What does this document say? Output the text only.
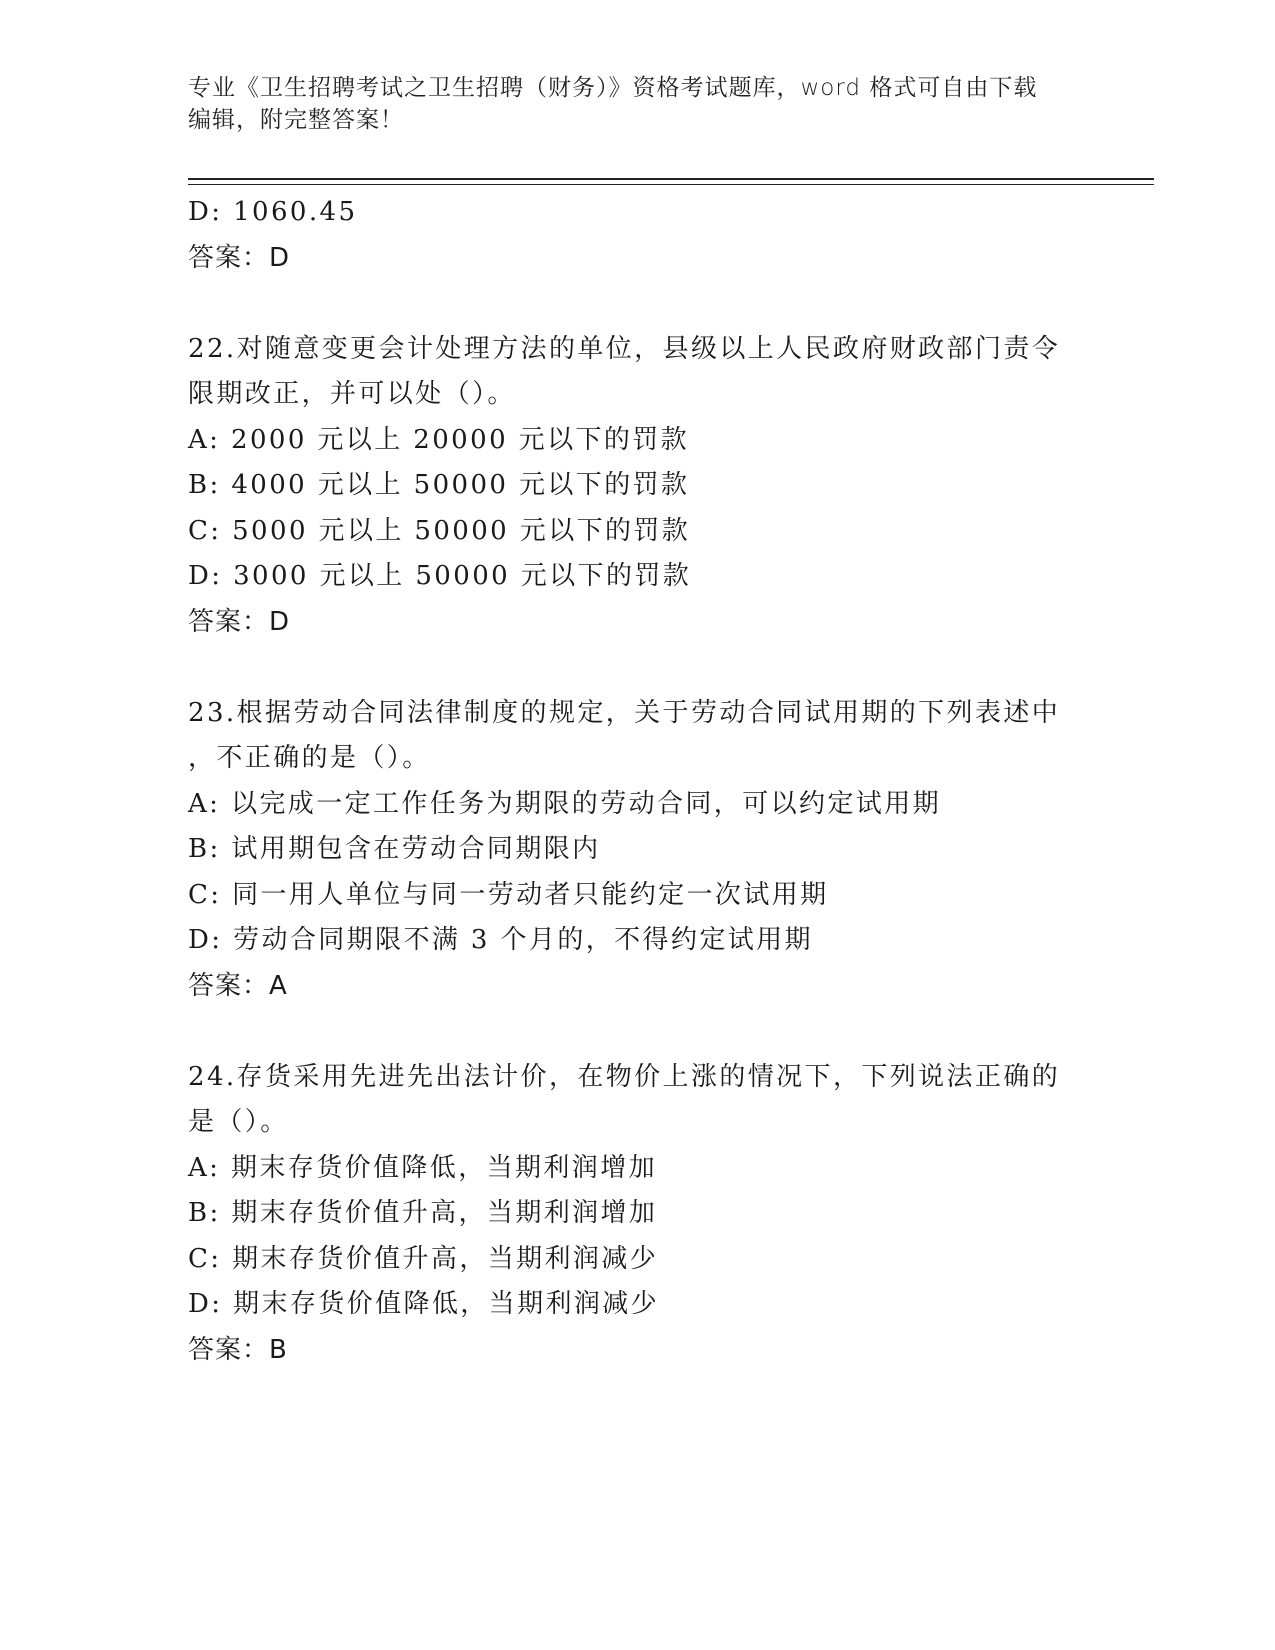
专业《卫生招聘考试之卫生招聘（财务）》资格考试题库，word 格式可自由下载
编辑，附完整答案！
D: 1060.45
答案：D
22.对随意变更会计处理方法的单位，县级以上人民政府财政部门责令
限期改正，并可以处（）。
A: 2000 元以上 20000 元以下的罚款
B: 4000 元以上 50000 元以下的罚款
C: 5000 元以上 50000 元以下的罚款
D: 3000 元以上 50000 元以下的罚款
答案：D
23.根据劳动合同法律制度的规定，关于劳动合同试用期的下列表述中
，不正确的是（）。
A: 以完成一定工作任务为期限的劳动合同，可以约定试用期
B: 试用期包含在劳动合同期限内
C: 同一用人单位与同一劳动者只能约定一次试用期
D: 劳动合同期限不满 3 个月的，不得约定试用期
答案：A
24.存货采用先进先出法计价，在物价上涨的情况下，下列说法正确的
是（）。
A: 期末存货价值降低，当期利润增加
B: 期末存货价值升高，当期利润增加
C: 期末存货价值升高，当期利润减少
D: 期末存货价值降低，当期利润减少
答案：B
